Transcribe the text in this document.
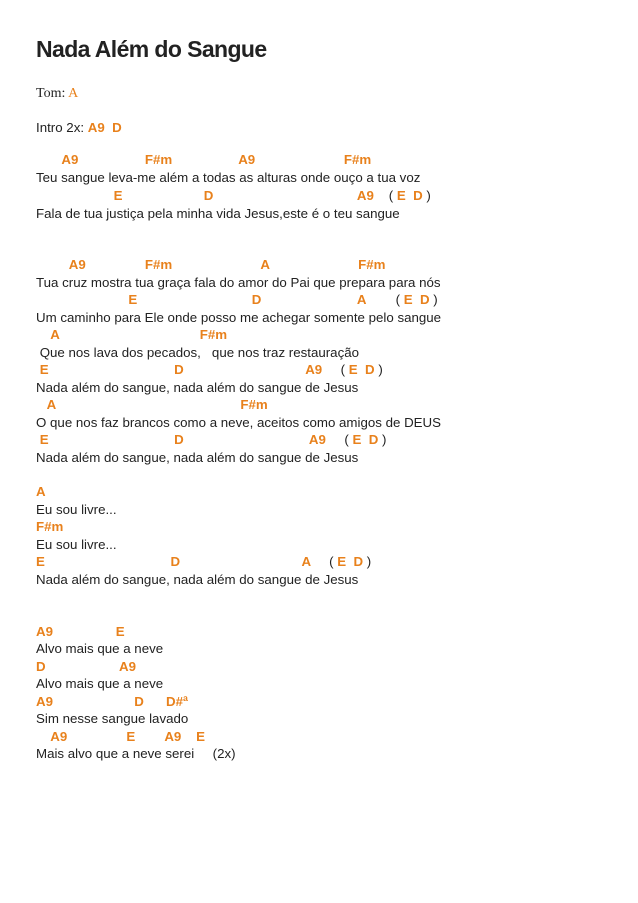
Nada Além do Sangue
Tom: A
Intro 2x: A9  D
A9                  F#m                  A9                        F#m
Teu sangue leva-me além a todas as alturas onde ouço a tua voz
E                      D                                       A9    ( E  D )
Fala de tua justiça pela minha vida Jesus,este é o teu sangue
A9                F#m                        A                        F#m
Tua cruz mostra tua graça fala do amor do Pai que prepara para nós
E                               D                          A        ( E  D )
Um caminho para Ele onde posso me achegar somente pelo sangue
A                                      F#m
Que nos lava dos pecados,   que nos traz restauração
E                                  D                                 A9     ( E  D )
Nada além do sangue, nada além do sangue de Jesus
A                                                  F#m
O que nos faz brancos como a neve, aceitos como amigos de DEUS
E                                  D                                  A9     ( E  D )
Nada além do sangue, nada além do sangue de Jesus
A
Eu sou livre...
F#m
Eu sou livre...
E                                  D                                 A     ( E  D )
Nada além do sangue, nada além do sangue de Jesus
A9                 E
Alvo mais que a neve
D                    A9
Alvo mais que a neve
A9                      D      D#ª
Sim nesse sangue lavado
A9                E        A9    E
Mais alvo que a neve serei     (2x)
